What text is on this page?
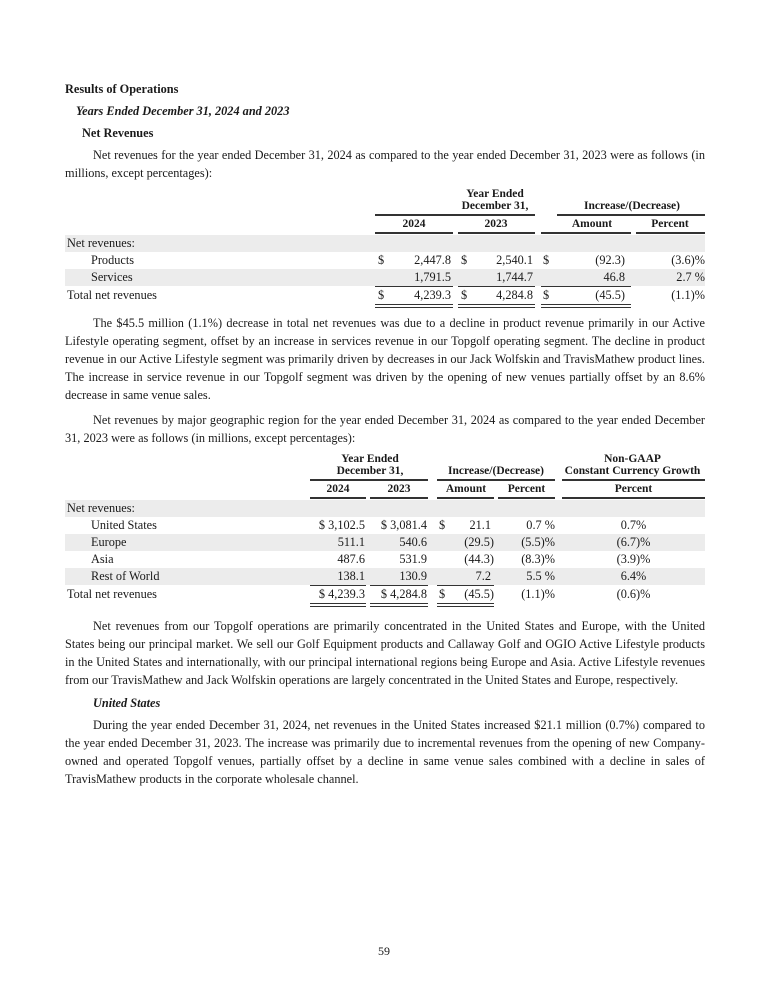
Results of Operations
Years Ended December 31, 2024 and 2023
Net Revenues

Net revenues for the year ended December 31, 2024 as compared to the year ended December 31, 2023 were as follows (in millions, except percentages):

Year Ended
December 31,	Increase/(Decrease)
2024	2023	Amount	Percent
Net revenues:
Products	$	2,447.8 $	2,540.1 $	(92.3)	(3.6)%
Services	1,791.5	1,744.7	46.8	2.7 %
Total net revenues	$	4,239.3 $	4,284.8 $	(45.5)	(1.1)%

The $45.5 million (1.1%) decrease in total net revenues was due to a decline in product revenue primarily in our Active Lifestyle operating segment, offset by an increase in services revenue in our Topgolf operating segment. The decline in product revenue in our Active Lifestyle segment was primarily driven by decreases in our Jack Wolfskin and TravisMathew product lines. The increase in service revenue in our Topgolf segment was driven by the opening of new venues partially offset by an 8.6% decrease in same venue sales.

Net revenues by major geographic region for the year ended December 31, 2024 as compared to the year ended December 31, 2023 were as follows (in millions, except percentages):

Year Ended
December 31,	Increase/(Decrease)
Non-GAAP
Constant Currency Growth
2024	2023	Amount	Percent	Percent
Net revenues:
United States	$ 3,102.5	$ 3,081.4 $	21.1	0.7 %	0.7%
Europe	511.1	540.6	(29.5)	(5.5)%	(6.7)%
Asia	487.6	531.9	(44.3)	(8.3)%	(3.9)%
Rest of World	138.1	130.9	7.2	5.5 %	6.4%
Total net revenues	$ 4,239.3	$ 4,284.8 $	(45.5)	(1.1)%	(0.6)%

Net revenues from our Topgolf operations are primarily concentrated in the United States and Europe, with the United States being our principal market. We sell our Golf Equipment products and Callaway Golf and OGIO Active Lifestyle products in the United States and internationally, with our principal international regions being Europe and Asia. Active Lifestyle revenues from our TravisMathew and Jack Wolfskin operations are largely concentrated in the United States and Europe, respectively.

United States

During the year ended December 31, 2024, net revenues in the United States increased $21.1 million (0.7%) compared to the year ended December 31, 2023. The increase was primarily due to incremental revenues from the opening of new Company-owned and operated Topgolf venues, partially offset by a decline in same venue sales combined with a decline in sales of TravisMathew products in the corporate wholesale channel.

59
